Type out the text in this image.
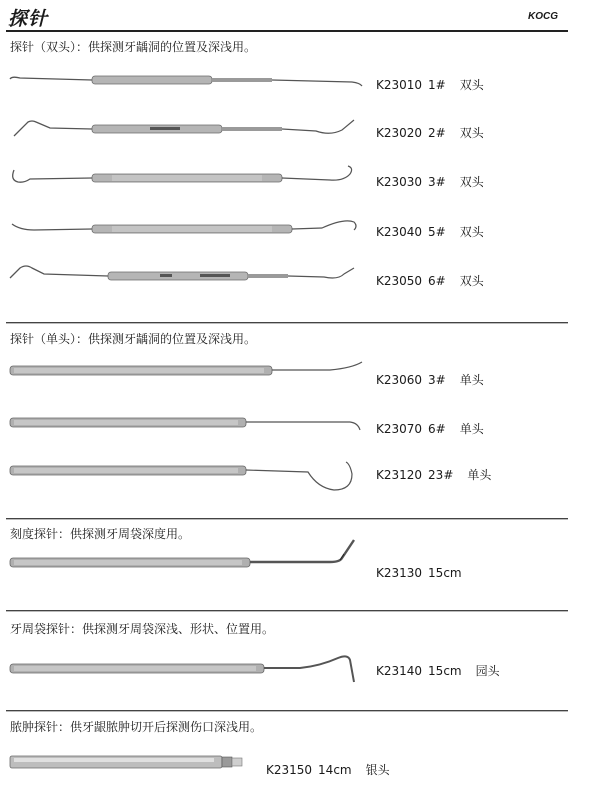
探针	KOCG
探针（双头）：供探测牙龋洞的位置及深浅用。
K23010 1# 双头
K23020 2# 双头
K23030 3# 双头
K23040 5# 双头
K23050 6# 双头
探针（单头）：供探测牙龋洞的位置及深浅用。
K23060 3# 单头
K23070 6# 单头
K23120 23# 单头
刻度探针：供探测牙周袋深度用。
K23130 15cm
牙周袋探针：供探测牙周袋深浅、形状、位置用。
K23140 15cm 园头
脓肿探针：供牙龈脓肿切开后探测伤口深浅用。
K23150 14cm 银头
